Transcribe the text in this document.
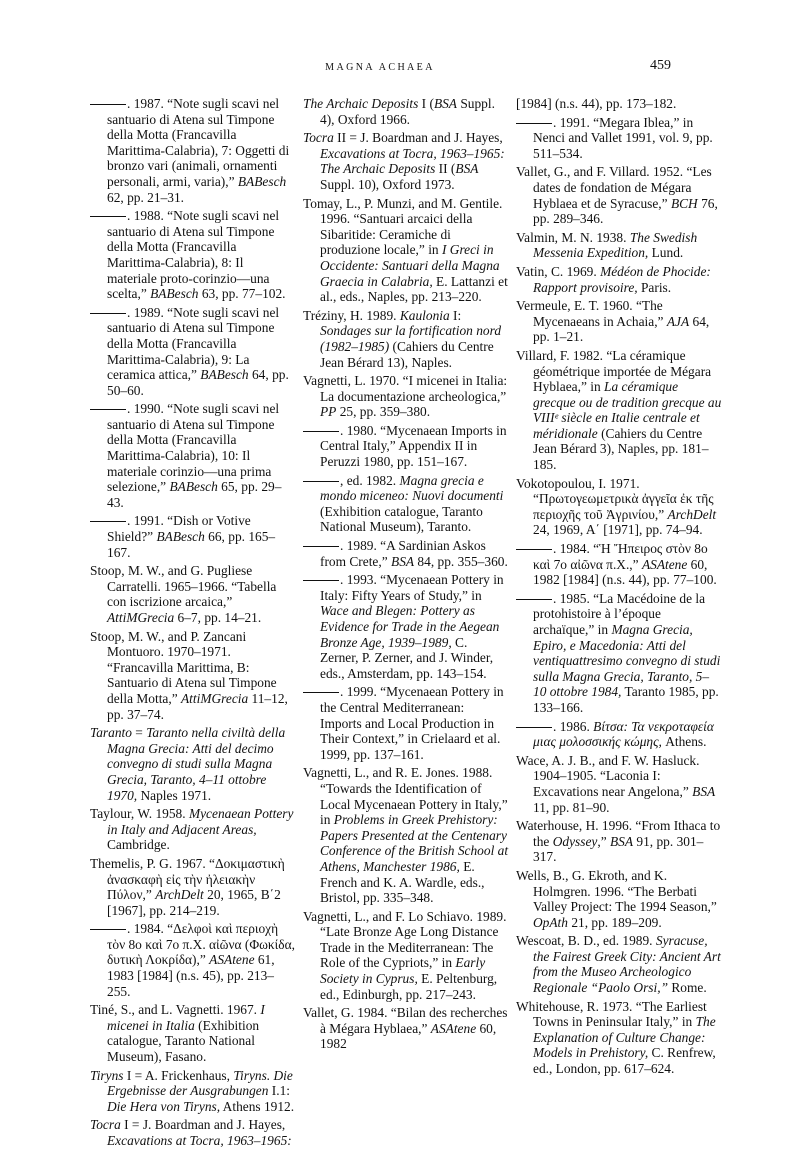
MAGNA ACHAEA	459

. 1987. “Note sugli scavi nel santuario di Atena sul Timpone della Motta (Francavilla Marittima-Calabria), 7: Oggetti di bronzo vari (animali, ornamenti personali, armi, varia),” BABesch 62, pp. 21–31.

. 1988. “Note sugli scavi nel santuario di Atena sul Timpone della Motta (Francavilla Marittima-Calabria), 8: Il materiale proto-corinzio—una scelta,” BABesch 63, pp. 77–102.

. 1989. “Note sugli scavi nel santuario di Atena sul Timpone della Motta (Francavilla Marittima-Calabria), 9: La ceramica attica,” BABesch 64, pp. 50–60.

. 1990. “Note sugli scavi nel santuario di Atena sul Timpone della Motta (Francavilla Marittima-Calabria), 10: Il materiale corinzio—una prima selezione,” BABesch 65, pp. 29–43.

. 1991. “Dish or Votive Shield?” BABesch 66, pp. 165–167.

Stoop, M. W., and G. Pugliese Carratelli. 1965–1966. “Tabella con iscrizione arcaica,” AttiMGrecia 6–7, pp. 14–21.

Stoop, M. W., and P. Zancani Montuoro. 1970–1971. “Francavilla Marittima, B: Santuario di Atena sul Timpone della Motta,” AttiMGrecia 11–12, pp. 37–74.

Taranto = Taranto nella civiltà della Magna Grecia: Atti del decimo convegno di studi sulla Magna Grecia, Taranto, 4–11 ottobre 1970, Naples 1971.

Taylour, W. 1958. Mycenaean Pottery in Italy and Adjacent Areas, Cambridge.

Themelis, P. G. 1967. “Δοκιμαστικὴ ἀνασκαφὴ εἰς τὴν ἠλειακὴν Πύλον,” ArchDelt 20, 1965, B΄2 [1967], pp. 214–219.

. 1984. “Δελφοὶ καὶ περιοχὴ τὸν 8ο καὶ 7ο π.Χ. αἰῶνα (Φωκίδα, δυτικὴ Λοκρίδα),” ASAtene 61, 1983 [1984] (n.s. 45), pp. 213–255.

Tiné, S., and L. Vagnetti. 1967. I micenei in Italia (Exhibition catalogue, Taranto National Museum), Fasano.

Tiryns I = A. Frickenhaus, Tiryns. Die Ergebnisse der Ausgrabungen I.1: Die Hera von Tiryns, Athens 1912.

Tocra I = J. Boardman and J. Hayes, Excavations at Tocra, 1963–1965:

The Archaic Deposits I (BSA Suppl. 4), Oxford 1966.

Tocra II = J. Boardman and J. Hayes, Excavations at Tocra, 1963–1965: The Archaic Deposits II (BSA Suppl. 10), Oxford 1973.

Tomay, L., P. Munzi, and M. Gentile. 1996. “Santuari arcaici della Sibaritide: Ceramiche di produzione locale,” in I Greci in Occidente: Santuari della Magna Graecia in Calabria, E. Lattanzi et al., eds., Naples, pp. 213–220.

Tréziny, H. 1989. Kaulonia I: Sondages sur la fortification nord (1982–1985) (Cahiers du Centre Jean Bérard 13), Naples.

Vagnetti, L. 1970. “I micenei in Italia: La documentazione archeologica,” PP 25, pp. 359–380.

. 1980. “Mycenaean Imports in Central Italy,” Appendix II in Peruzzi 1980, pp. 151–167.

, ed. 1982. Magna grecia e mondo miceneo: Nuovi documenti (Exhibition catalogue, Taranto National Museum), Taranto.

. 1989. “A Sardinian Askos from Crete,” BSA 84, pp. 355–360.

. 1993. “Mycenaean Pottery in Italy: Fifty Years of Study,” in Wace and Blegen: Pottery as Evidence for Trade in the Aegean Bronze Age, 1939–1989, C. Zerner, P. Zerner, and J. Winder, eds., Amsterdam, pp. 143–154.

. 1999. “Mycenaean Pottery in the Central Mediterranean: Imports and Local Production in Their Context,” in Crielaard et al. 1999, pp. 137–161.

Vagnetti, L., and R. E. Jones. 1988. “Towards the Identification of Local Mycenaean Pottery in Italy,” in Problems in Greek Prehistory: Papers Presented at the Centenary Conference of the British School at Athens, Manchester 1986, E. French and K. A. Wardle, eds., Bristol, pp. 335–348.

Vagnetti, L., and F. Lo Schiavo. 1989. “Late Bronze Age Long Distance Trade in the Mediterranean: The Role of the Cypriots,” in Early Society in Cyprus, E. Peltenburg, ed., Edinburgh, pp. 217–243.

Vallet, G. 1984. “Bilan des recherches à Mégara Hyblaea,” ASAtene 60, 1982

[1984] (n.s. 44), pp. 173–182.

. 1991. “Megara Iblea,” in Nenci and Vallet 1991, vol. 9, pp. 511–534.

Vallet, G., and F. Villard. 1952. “Les dates de fondation de Mégara Hyblaea et de Syracuse,” BCH 76, pp. 289–346.

Valmin, M. N. 1938. The Swedish Messenia Expedition, Lund.

Vatin, C. 1969. Médéon de Phocide: Rapport provisoire, Paris.

Vermeule, E. T. 1960. “The Mycenaeans in Achaia,” AJA 64, pp. 1–21.

Villard, F. 1982. “La céramique géométrique importée de Mégara Hyblaea,” in La céramique grecque ou de tradition grecque au VIIIᵉ siècle en Italie centrale et méridionale (Cahiers du Centre Jean Bérard 3), Naples, pp. 181–185.

Vokotopoulou, I. 1971. “Πρωτογεωμετρικὰ ἀγγεῖα ἐκ τῆς περιοχῆς τοῦ Ἀγρινίου,” ArchDelt 24, 1969, A΄ [1971], pp. 74–94.

. 1984. “Ἡ Ἤπειρος στὸν 8ο καὶ 7ο αἰῶνα π.Χ.,” ASAtene 60, 1982 [1984] (n.s. 44), pp. 77–100.

. 1985. “La Macédoine de la protohistoire à l’époque archaïque,” in Magna Grecia, Epiro, e Macedonia: Atti del ventiquattresimo convegno di studi sulla Magna Grecia, Taranto, 5–10 ottobre 1984, Taranto 1985, pp. 133–166.

. 1986. Βίτσα: Τα νεκροταφεία μιας μολοσσικής κώμης, Athens.

Wace, A. J. B., and F. W. Hasluck. 1904–1905. “Laconia I: Excavations near Angelona,” BSA 11, pp. 81–90.

Waterhouse, H. 1996. “From Ithaca to the Odyssey,” BSA 91, pp. 301–317.

Wells, B., G. Ekroth, and K. Holmgren. 1996. “The Berbati Valley Project: The 1994 Season,” OpAth 21, pp. 189–209.

Wescoat, B. D., ed. 1989. Syracuse, the Fairest Greek City: Ancient Art from the Museo Archeologico Regionale “Paolo Orsi,” Rome.

Whitehouse, R. 1973. “The Earliest Towns in Peninsular Italy,” in The Explanation of Culture Change: Models in Prehistory, C. Renfrew, ed., London, pp. 617–624.
